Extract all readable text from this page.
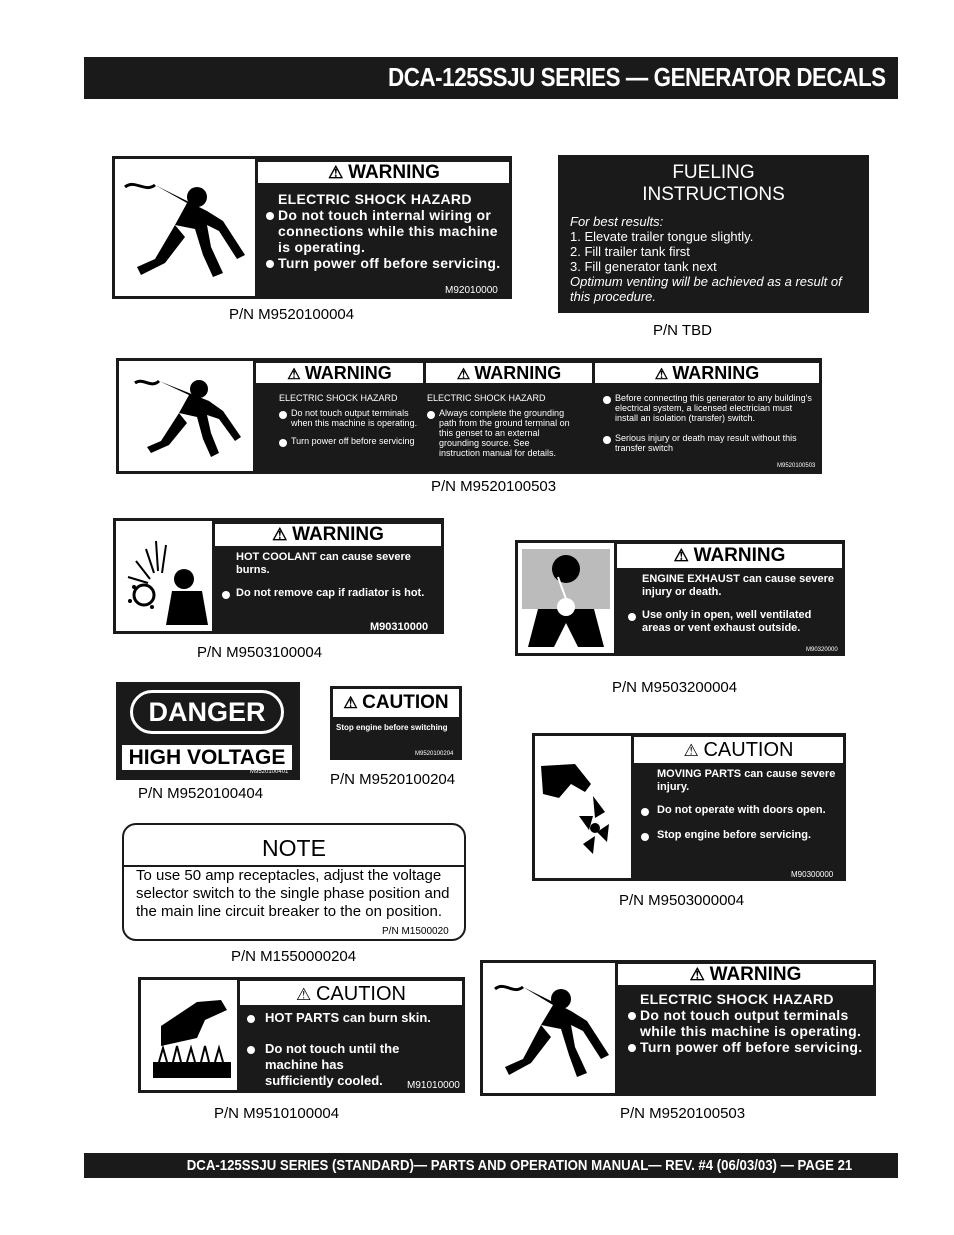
DCA-125SSJU SERIES — GENERATOR DECALS
⚠ WARNING
ELECTRIC SHOCK HAZARD
Do not touch internal wiring or connections while this machine is operating.
Turn power off before servicing.
M92010000
P/N M9520100004
FUELING
INSTRUCTIONS
For best results:
1. Elevate trailer tongue slightly.
2. Fill trailer tank first
3. Fill generator tank next
Optimum venting will be achieved as a result of this procedure.
P/N TBD
⚠ WARNING	⚠ WARNING	⚠ WARNING
ELECTRIC SHOCK HAZARD
Do not touch output terminals when this machine is operating.
Turn power off before servicing
ELECTRIC SHOCK HAZARD
Always complete the grounding path from the ground terminal on this genset to an external grounding source. See instruction manual for details.
Before connecting this generator to any building's electrical system, a licensed electrician must install an isolation (transfer) switch.
Serious injury or death may result without this transfer switch
M9520100503
P/N M9520100503
⚠ WARNING
HOT COOLANT can cause severe burns.
Do not remove cap if radiator is hot.
M90310000
P/N M9503100004
⚠ WARNING
ENGINE EXHAUST can cause severe injury or death.
Use only in open, well ventilated areas or vent exhaust outside.
M90320000
P/N M9503200004
DANGER
HIGH VOLTAGE
M9520100401
P/N M9520100404
⚠ CAUTION
Stop engine before switching
M9520100204
P/N M9520100204
⚠ CAUTION
MOVING PARTS can cause severe injury.
Do not operate with doors open.
Stop engine before servicing.
M90300000
P/N M9503000004
NOTE
To use 50 amp receptacles, adjust the voltage selector switch to the single phase position and the main line circuit breaker to the on position.
P/N M1500020
P/N M1550000204
⚠ CAUTION
HOT PARTS can burn skin.
Do not touch until the machine has sufficiently cooled.	M91010000
P/N M9510100004
⚠ WARNING
ELECTRIC SHOCK HAZARD
Do not touch output terminals while this machine is operating.
Turn power off before servicing.
P/N M9520100503
DCA-125SSJU SERIES (STANDARD)— PARTS AND OPERATION MANUAL— REV. #4 (06/03/03) — PAGE 21
